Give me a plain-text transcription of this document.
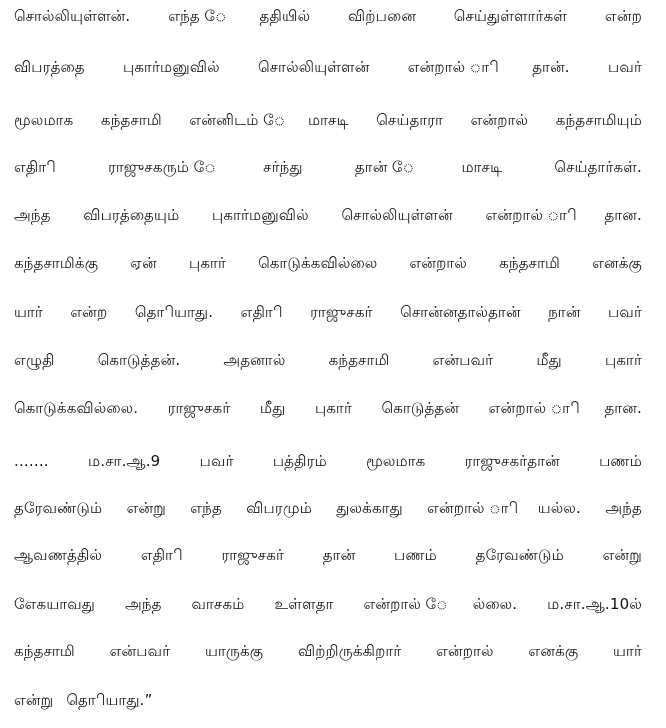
சொல்லியுள்ளன். எந்த ேததியில் விற்பனை செய்துள்ளார்கள் என்ற
விபரத்தை புகார்மனுவில் சொல்லியுள்ளன் என்றால் ாிதான். பவர்
மூலமாக கந்தசாமி என்னிடம் ேமாசடி செய்தாரா என்றால் கந்தசாமியும்
எதிாி ராஜுசகரும் ேசர்ந்து தான் ேமாசடி செய்தார்கள்.
அந்த விபரத்தையும் புகார்மனுவில் சொல்லியுள்ளன் என்றால் ாிதான.
கந்தசாமிக்கு ஏன் புகார் கொடுக்கவில்லை என்றால் கந்தசாமி எனக்கு
யார் என்ற தொியாது. எதிாி ராஜுசகர் சொன்னதால்தான் நான் பவர்
எழுதி கொடுத்தன். அதனால் கந்தசாமி என்பவர் மீது புகார்
கொடுக்கவில்லை. ராஜுசகர் மீது புகார் கொடுத்தன் என்றால் ாிதான.
....... ம.சா.ஆ.9 பவர் பத்திரம் மூலமாக ராஜுசகர்தான் பணம்
தரேவண்டும் என்று எந்த விபரமும் துலக்காது என்றால் ாியல்ல. அந்த
ஆவணத்தில் எதிாி ராஜுசகர் தான் பணம் தரேவண்டும் என்று
எேகயாவது அந்த வாசகம் உள்ளதா என்றால் ேல்லை. ம.சா.ஆ.10ல்
கந்தசாமி என்பவர் யாருக்கு விற்றிருக்கிறார் என்றால் எனக்கு யார்
என்று தொியாது.”
